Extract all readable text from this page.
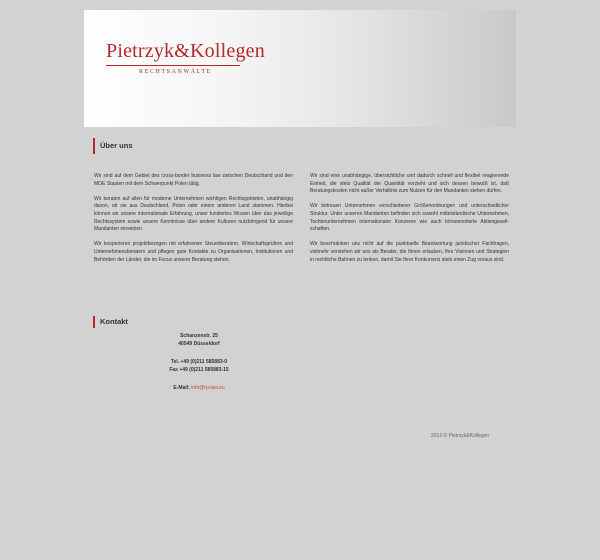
Pietrzyk&Kollegen
RECHTSANWÄLTE
Über uns

Wir sind auf dem Gebiet des cross-border business law zwischen Deutschland und den MOE Staaten mit dem Schwerpunkt Polen tätig.

Wir beraten auf allen für moderne Unternehmen wichtigen Rechtsgebieten, unabhängig davon, ob sie aus Deutschland, Polen oder einem anderen Land stammen. Hierbei können wir unsere internationale Erfahrung, unser fundiertes Wissen über das jeweilige Rechtssystem sowie unsere Kenntnisse über andere Kulturen nutzbringend für unsere Mandanten einsetzen.

Wir kooperieren projektbezogen mit erfahrenen Steuerberatern, Wirtschaftsprüfern und Unternehmensberatern und pflegen gute Kontakte zu Organisationen, Institutionen und Behörden der Länder, die im Focus unserer Beratung stehen.

Wir sind eine unabhängige, übersichtliche und dadurch schnell und flexibel reagierende Einheit, die stets Qualität der Quantität vorzieht und sich dessen bewußt ist, daß Beratungskosten nicht außer Verhältnis zum Nutzen für den Mandanten stehen dürfen.

Wir betreuen Unternehmen verschiedener Größenordnungen und unterschiedlicher Struktur. Unter unseren Mandanten befinden sich sowohl mittelständische Unternehmen, Tochterunternehmen internationaler Konzerne wie auch börsennotierte Aktiengesell-schaften.

Wir beschränken uns nicht auf die punktuelle Beantwortung juristischer Fachfragen, vielmehr verstehen wir uns als Berater, die Ihnen erlauben, Ihre Visionen und Strategien in rechtliche Bahnen zu lenken, damit Sie Ihrer Konkurrenz stets einen Zug voraus sind.

Kontakt
Schanzenstr. 25
40549 Düsseldorf
Tel. +49 (0)211 585883-0
Fax +49 (0)211 585883-15
E-Mail: info@rp-law.eu
2012 © Pietrzyk&Kollegen
